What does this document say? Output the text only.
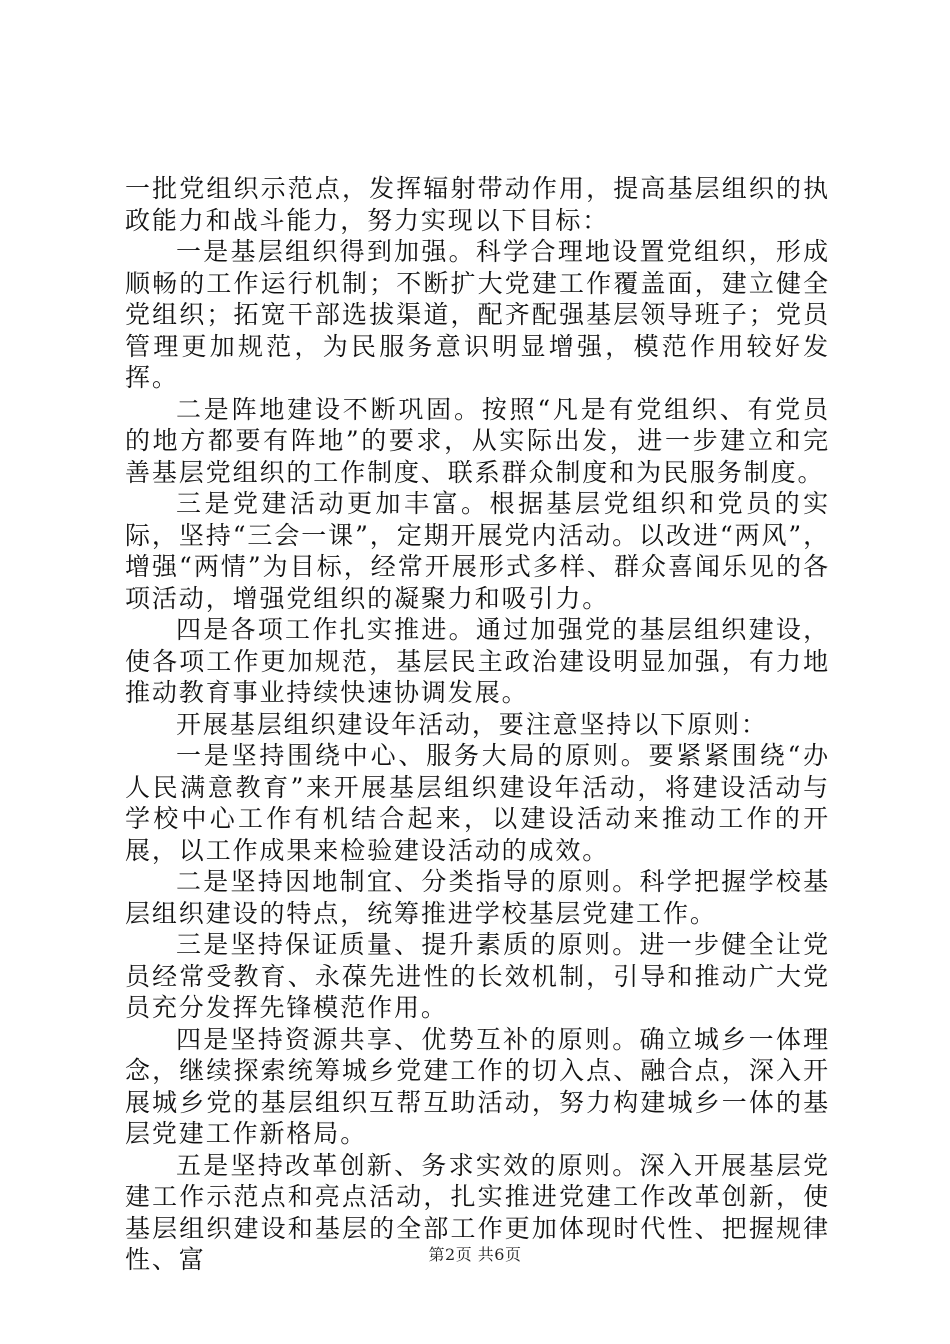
一批党组织示范点，发挥辐射带动作用，提高基层组织的执政能力和战斗能力，努力实现以下目标：

一是基层组织得到加强。科学合理地设置党组织，形成顺畅的工作运行机制；不断扩大党建工作覆盖面，建立健全党组织；拓宽干部选拔渠道，配齐配强基层领导班子；党员管理更加规范，为民服务意识明显增强，模范作用较好发挥。

二是阵地建设不断巩固。按照“凡是有党组织、有党员的地方都要有阵地”的要求，从实际出发，进一步建立和完善基层党组织的工作制度、联系群众制度和为民服务制度。

三是党建活动更加丰富。根据基层党组织和党员的实际，坚持“三会一课”，定期开展党内活动。以改进“两风”，增强“两情”为目标，经常开展形式多样、群众喜闻乐见的各项活动，增强党组织的凝聚力和吸引力。

四是各项工作扎实推进。通过加强党的基层组织建设，使各项工作更加规范，基层民主政治建设明显加强，有力地推动教育事业持续快速协调发展。

开展基层组织建设年活动，要注意坚持以下原则：

一是坚持围绕中心、服务大局的原则。要紧紧围绕“办人民满意教育”来开展基层组织建设年活动，将建设活动与学校中心工作有机结合起来，以建设活动来推动工作的开展，以工作成果来检验建设活动的成效。

二是坚持因地制宜、分类指导的原则。科学把握学校基层组织建设的特点，统筹推进学校基层党建工作。

三是坚持保证质量、提升素质的原则。进一步健全让党员经常受教育、永葆先进性的长效机制，引导和推动广大党员充分发挥先锋模范作用。

四是坚持资源共享、优势互补的原则。确立城乡一体理念，继续探索统筹城乡党建工作的切入点、融合点，深入开展城乡党的基层组织互帮互助活动，努力构建城乡一体的基层党建工作新格局。

五是坚持改革创新、务求实效的原则。深入开展基层党建工作示范点和亮点活动，扎实推进党建工作改革创新，使基层组织建设和基层的全部工作更加体现时代性、把握规律性、富	第2页 共6页
